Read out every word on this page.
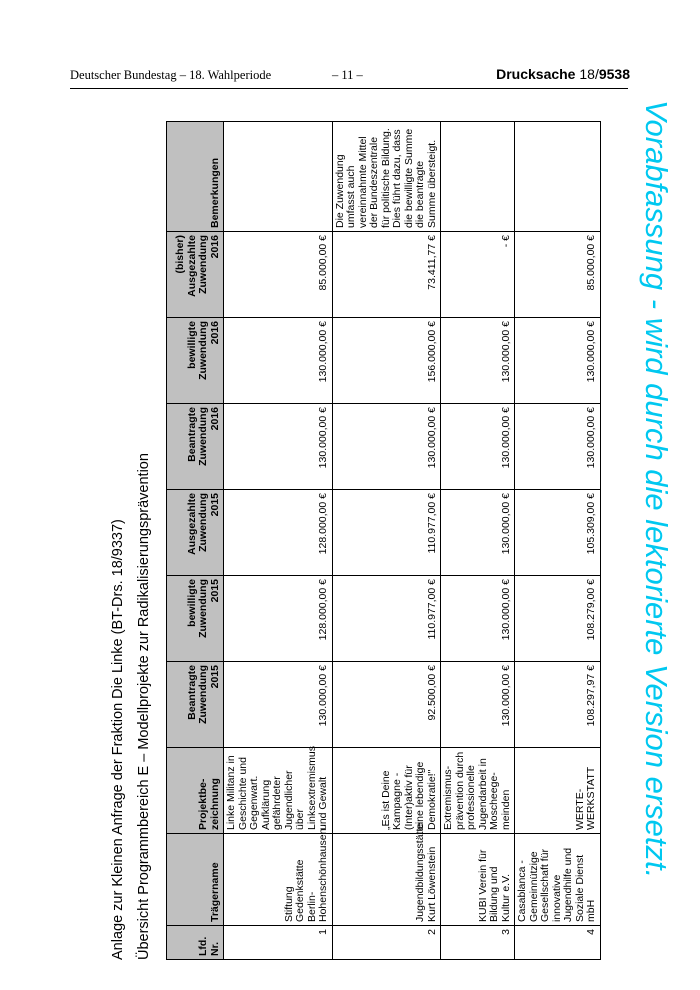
Deutscher Bundestag – 18. Wahlperiode	– 11 –	Drucksache 18/9538
Vorabfassung - wird durch die lektorierte Version ersetzt.
Anlage zur Kleinen Anfrage der Fraktion Die Linke (BT-Drs. 18/9337) Übersicht Programmbereich E – Modellprojekte zur Radikalisierungsprävention	Lfd. Nr.	Trägername	Projektbe-zeichnung	Beantragte Zuwendung 2015	bewilligte Zuwendung 2015	Ausgezahlte Zuwendung 2015	Beantragte Zuwendung 2016	bewilligte Zuwendung 2016	(bisher) Ausgezahlte Zuwendung 2016	Bemerkungen
1	Stiftung Gedenkstätte Berlin-Hohenschönhausen	Linke Militanz in Geschichte und Gegenwart. Aufklärung gefährdeter Jugendlicher über Linksextremismus und Gewalt	130.000,00 €	128.000,00 €	128.000,00 €	130.000,00 €	130.000,00 €	85.000,00 €	
2	Jugendbildungsstätte Kurt Löwenstein	„Es ist Deine Kampagne - (Inter)aktiv für eine lebendige Demokratie!"	92.500,00 €	110.977,00 €	110.977,00 €	130.000,00 €	156.000,00 €	73.411,77 €	Die Zuwendung umfasst auch vereinnahmte Mittel der Bundeszentrale für politische Bildung. Dies führt dazu, dass die bewilligte Summe die beantragte Summe übersteigt.
3	KUBI Verein für Bildung und Kultur e.V.	Extremismus-prävention durch professionelle Jugendarbeit in Moscheege-meinden	130.000,00 €	130.000,00 €	130.000,00 €	130.000,00 €	130.000,00 €	- €	
4	Casablanca - Gemeinnützige Gesellschaft für innovative Jugendhilfe und Soziale Dienst mbH	WERTE-WERKSTATT	108.297,97 €	108.279,00 €	105.309,00 €	130.000,00 €	130.000,00 €	85.000,00 €	
